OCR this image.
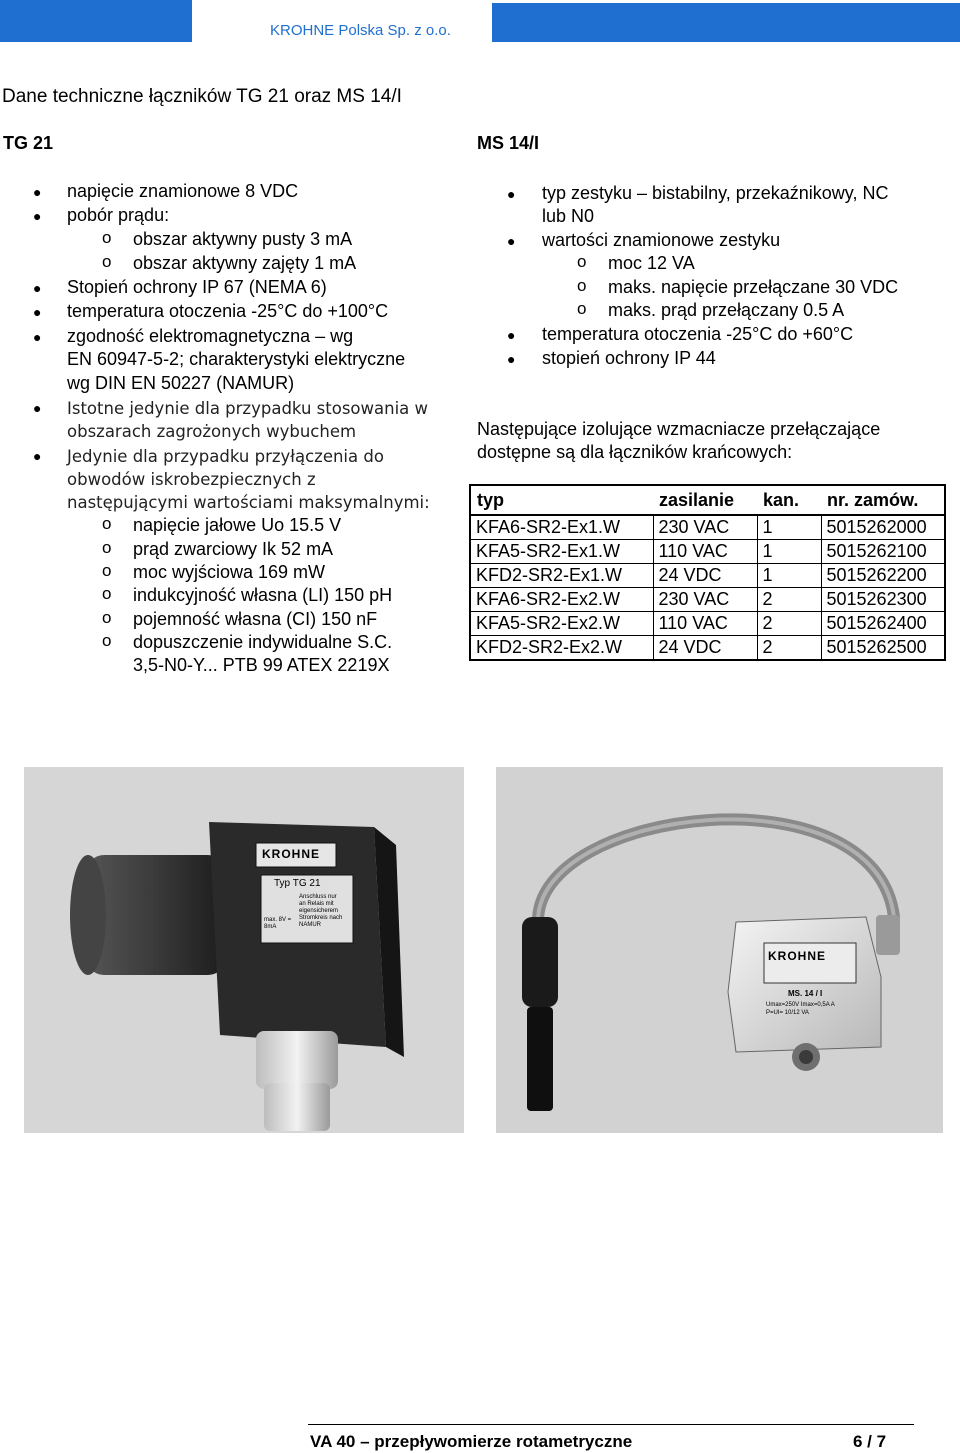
KROHNE Polska Sp. z o.o.
Dane techniczne łączników TG 21 oraz MS 14/I
TG 21	MS 14/I
● napięcie znamionowe 8 VDC
● pobór prądu:
o obszar aktywny pusty 3 mA
o obszar aktywny zajęty 1 mA
● Stopień ochrony IP 67 (NEMA 6)
● temperatura otoczenia -25°C do +100°C
● zgodność elektromagnetyczna – wg
EN 60947-5-2; charakterystyki elektryczne
wg DIN EN 50227 (NAMUR)
● Istotne jedynie dla przypadku stosowania w
obszarach zagrożonych wybuchem
● Jedynie dla przypadku przyłączenia do
obwodów iskrobezpiecznych z
następującymi wartościami maksymalnymi:
o napięcie jałowe Uo 15.5 V
o prąd zwarciowy Ik 52 mA
o moc wyjściowa 169 mW
o indukcyjność własna (LI) 150 pH
o pojemność własna (CI) 150 nF
o dopuszczenie indywidualne S.C.
3,5-N0-Y... PTB 99 ATEX 2219X
● typ zestyku – bistabilny, przekaźnikowy, NC
lub N0
● wartości znamionowe zestyku
o moc 12 VA
o maks. napięcie przełączane 30 VDC
o maks. prąd przełączany 0.5 A
● temperatura otoczenia -25°C do +60°C
● stopień ochrony IP 44
Następujące izolujące wzmacniacze przełączające
dostępne są dla łączników krańcowych:
typ	zasilanie	kan.	nr. zamów.
KFA6-SR2-Ex1.W	230 VAC	1	5015262000
KFA5-SR2-Ex1.W	110 VAC	1	5015262100
KFD2-SR2-Ex1.W	24 VDC	1	5015262200
KFA6-SR2-Ex2.W	230 VAC	2	5015262300
KFA5-SR2-Ex2.W	110 VAC	2	5015262400
KFD2-SR2-Ex2.W	24 VDC	2	5015262500
KROHNE
Typ TG 21
max. 8V =
8mA
Anschluss nur
an Relais mit
eigensicherem
Stromkreis nach
NAMUR
KROHNE
MS. 14 / I
Umax=250V Imax=0,5A A
P=UI= 10/12 VA
VA 40 – przepływomierze rotametryczne	6 / 7
